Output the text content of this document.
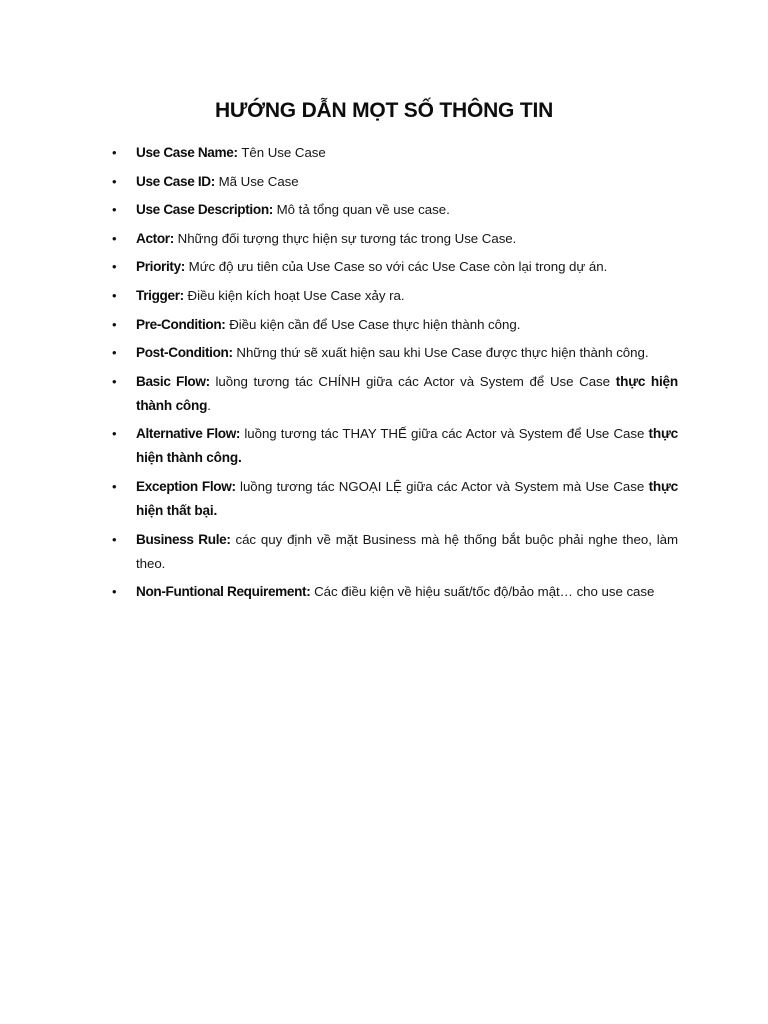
HƯỚNG DẪN MỌT SỐ THÔNG TIN
•	Use Case Name: Tên Use Case
•	Use Case ID: Mã Use Case
•	Use Case Description: Mô tả tổng quan về use case.
•	Actor: Những đối tượng thực hiện sự tương tác trong Use Case.
•	Priority: Mức độ ưu tiên của Use Case so với các Use Case còn lại trong dự án.
•	Trigger: Điều kiện kích hoạt Use Case xảy ra.
•	Pre-Condition: Điều kiện cần để Use Case thực hiện thành công.
•	Post-Condition: Những thứ sẽ xuất hiện sau khi Use Case được thực hiện thành công.
•	Basic Flow: luồng tương tác CHÍNH giữa các Actor và System để Use Case thực hiện thành công.
•	Alternative Flow: luồng tương tác THAY THẾ giữa các Actor và System để Use Case thực hiện thành công.
•	Exception Flow: luồng tương tác NGOẠI LỆ giữa các Actor và System mà Use Case thực hiện thất bại.
•	Business Rule: các quy định về mặt Business mà hệ thống bắt buộc phải nghe theo, làm theo.
•	Non-Funtional Requirement: Các điều kiện về hiệu suất/tốc độ/bảo mật… cho use case
